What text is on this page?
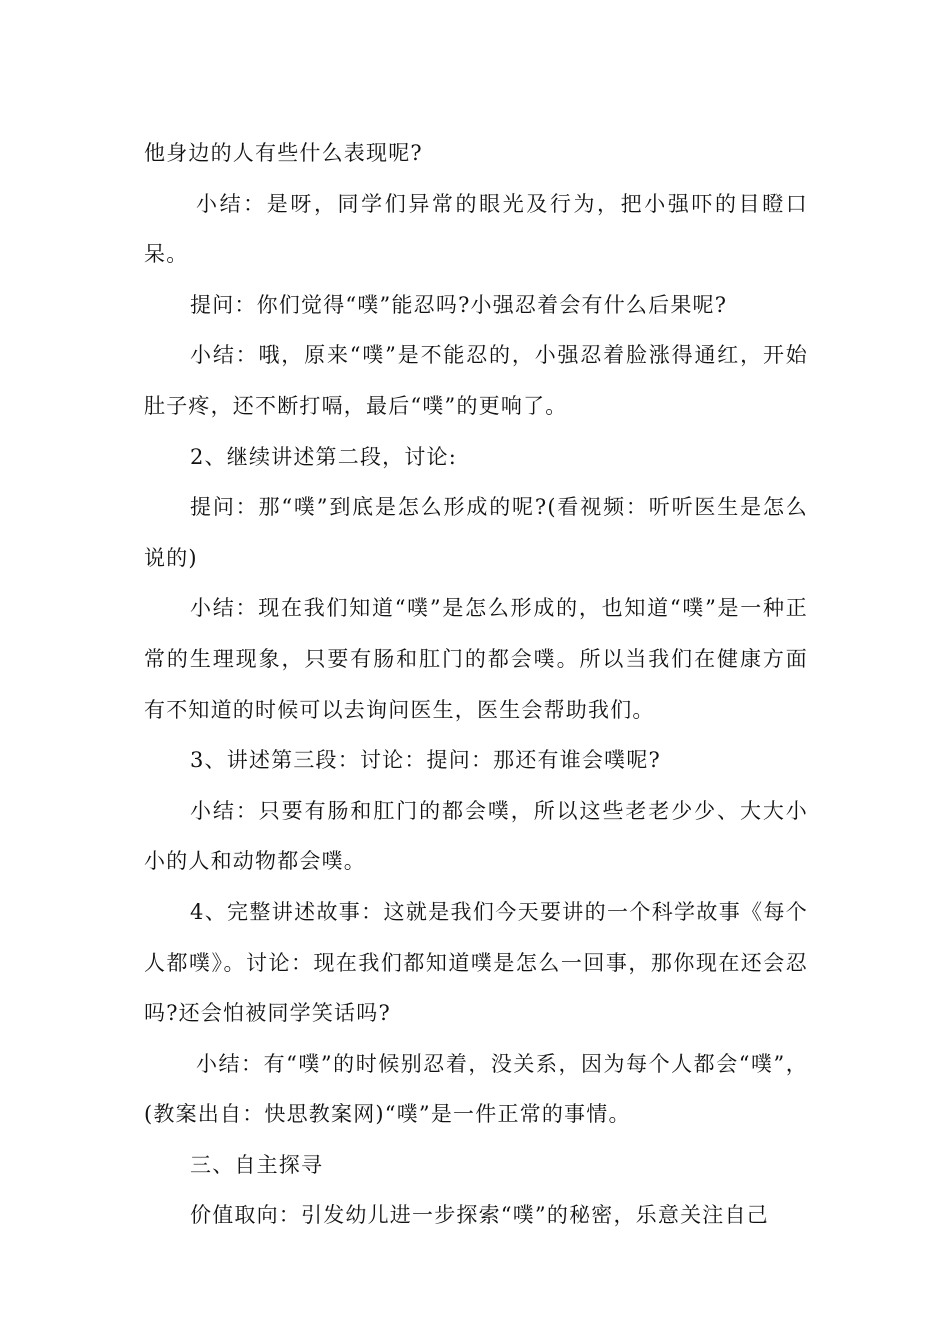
他身边的人有些什么表现呢?

小结：是呀，同学们异常的眼光及行为，把小强吓的目瞪口呆。

提问：你们觉得“噗”能忍吗?小强忍着会有什么后果呢?

小结：哦，原来“噗”是不能忍的，小强忍着脸涨得通红，开始肚子疼，还不断打嗝，最后“噗”的更响了。

2、继续讲述第二段，讨论:

提问：那“噗”到底是怎么形成的呢?(看视频：听听医生是怎么说的)

小结：现在我们知道“噗”是怎么形成的，也知道“噗”是一种正常的生理现象，只要有肠和肛门的都会噗。所以当我们在健康方面有不知道的时候可以去询问医生，医生会帮助我们。

3、讲述第三段：讨论：提问：那还有谁会噗呢?

小结：只要有肠和肛门的都会噗，所以这些老老少少、大大小小的人和动物都会噗。

4、完整讲述故事：这就是我们今天要讲的一个科学故事《每个人都噗》。讨论：现在我们都知道噗是怎么一回事，那你现在还会忍吗?还会怕被同学笑话吗?

小结：有“噗”的时候别忍着，没关系，因为每个人都会“噗”，(教案出自：快思教案网)“噗”是一件正常的事情。

三、自主探寻

价值取向：引发幼儿进一步探索“噗”的秘密，乐意关注自己
